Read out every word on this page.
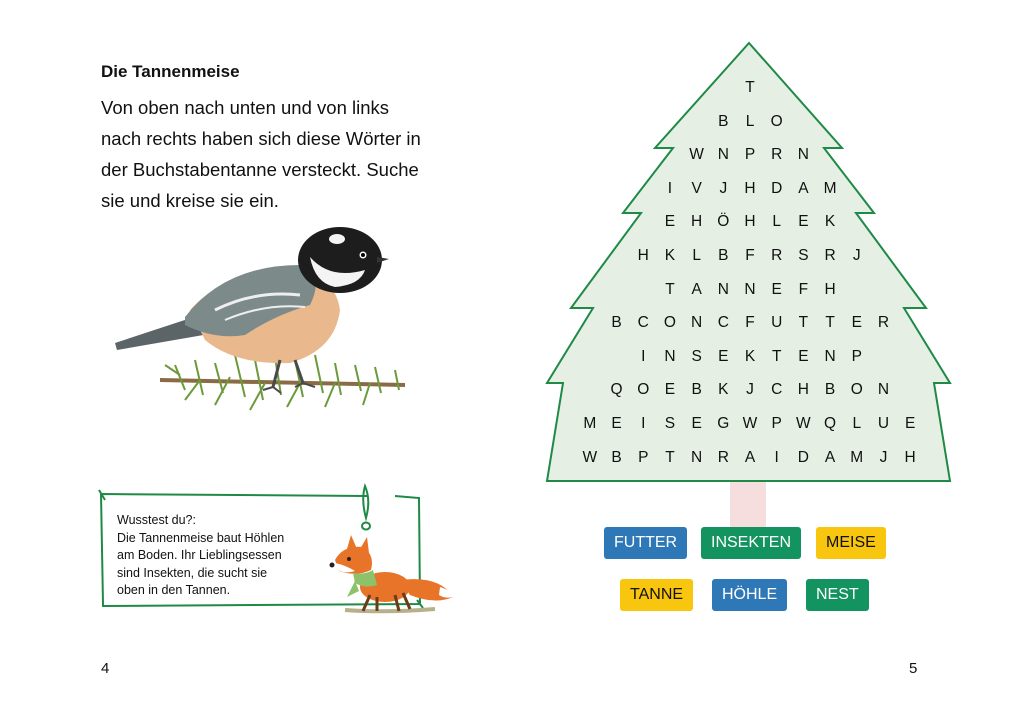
Die Tannenmeise
Von oben nach unten und von links
nach rechts haben sich diese Wörter in
der Buchstabentanne versteckt. Suche
sie und kreise sie ein.
Wusstest du?:
Die Tannenmeise baut Höhlen
am Boden. Ihr Lieblingsessen
sind Insekten, die sucht sie
oben in den Tannen.
4
T
B L O
W N P R N
I V J H D A M
E H Ö H L E K
H K L B F R S R J
T A N N E F H
B C O N C F U T T E R
I N S E K T E N P
Q O E B K J C H B O N
M E I S E G W P W Q L U E
W B P T N R A I D A M J H
FUTTER	INSEKTEN	MEISE
TANNE	HÖHLE	NEST
5
